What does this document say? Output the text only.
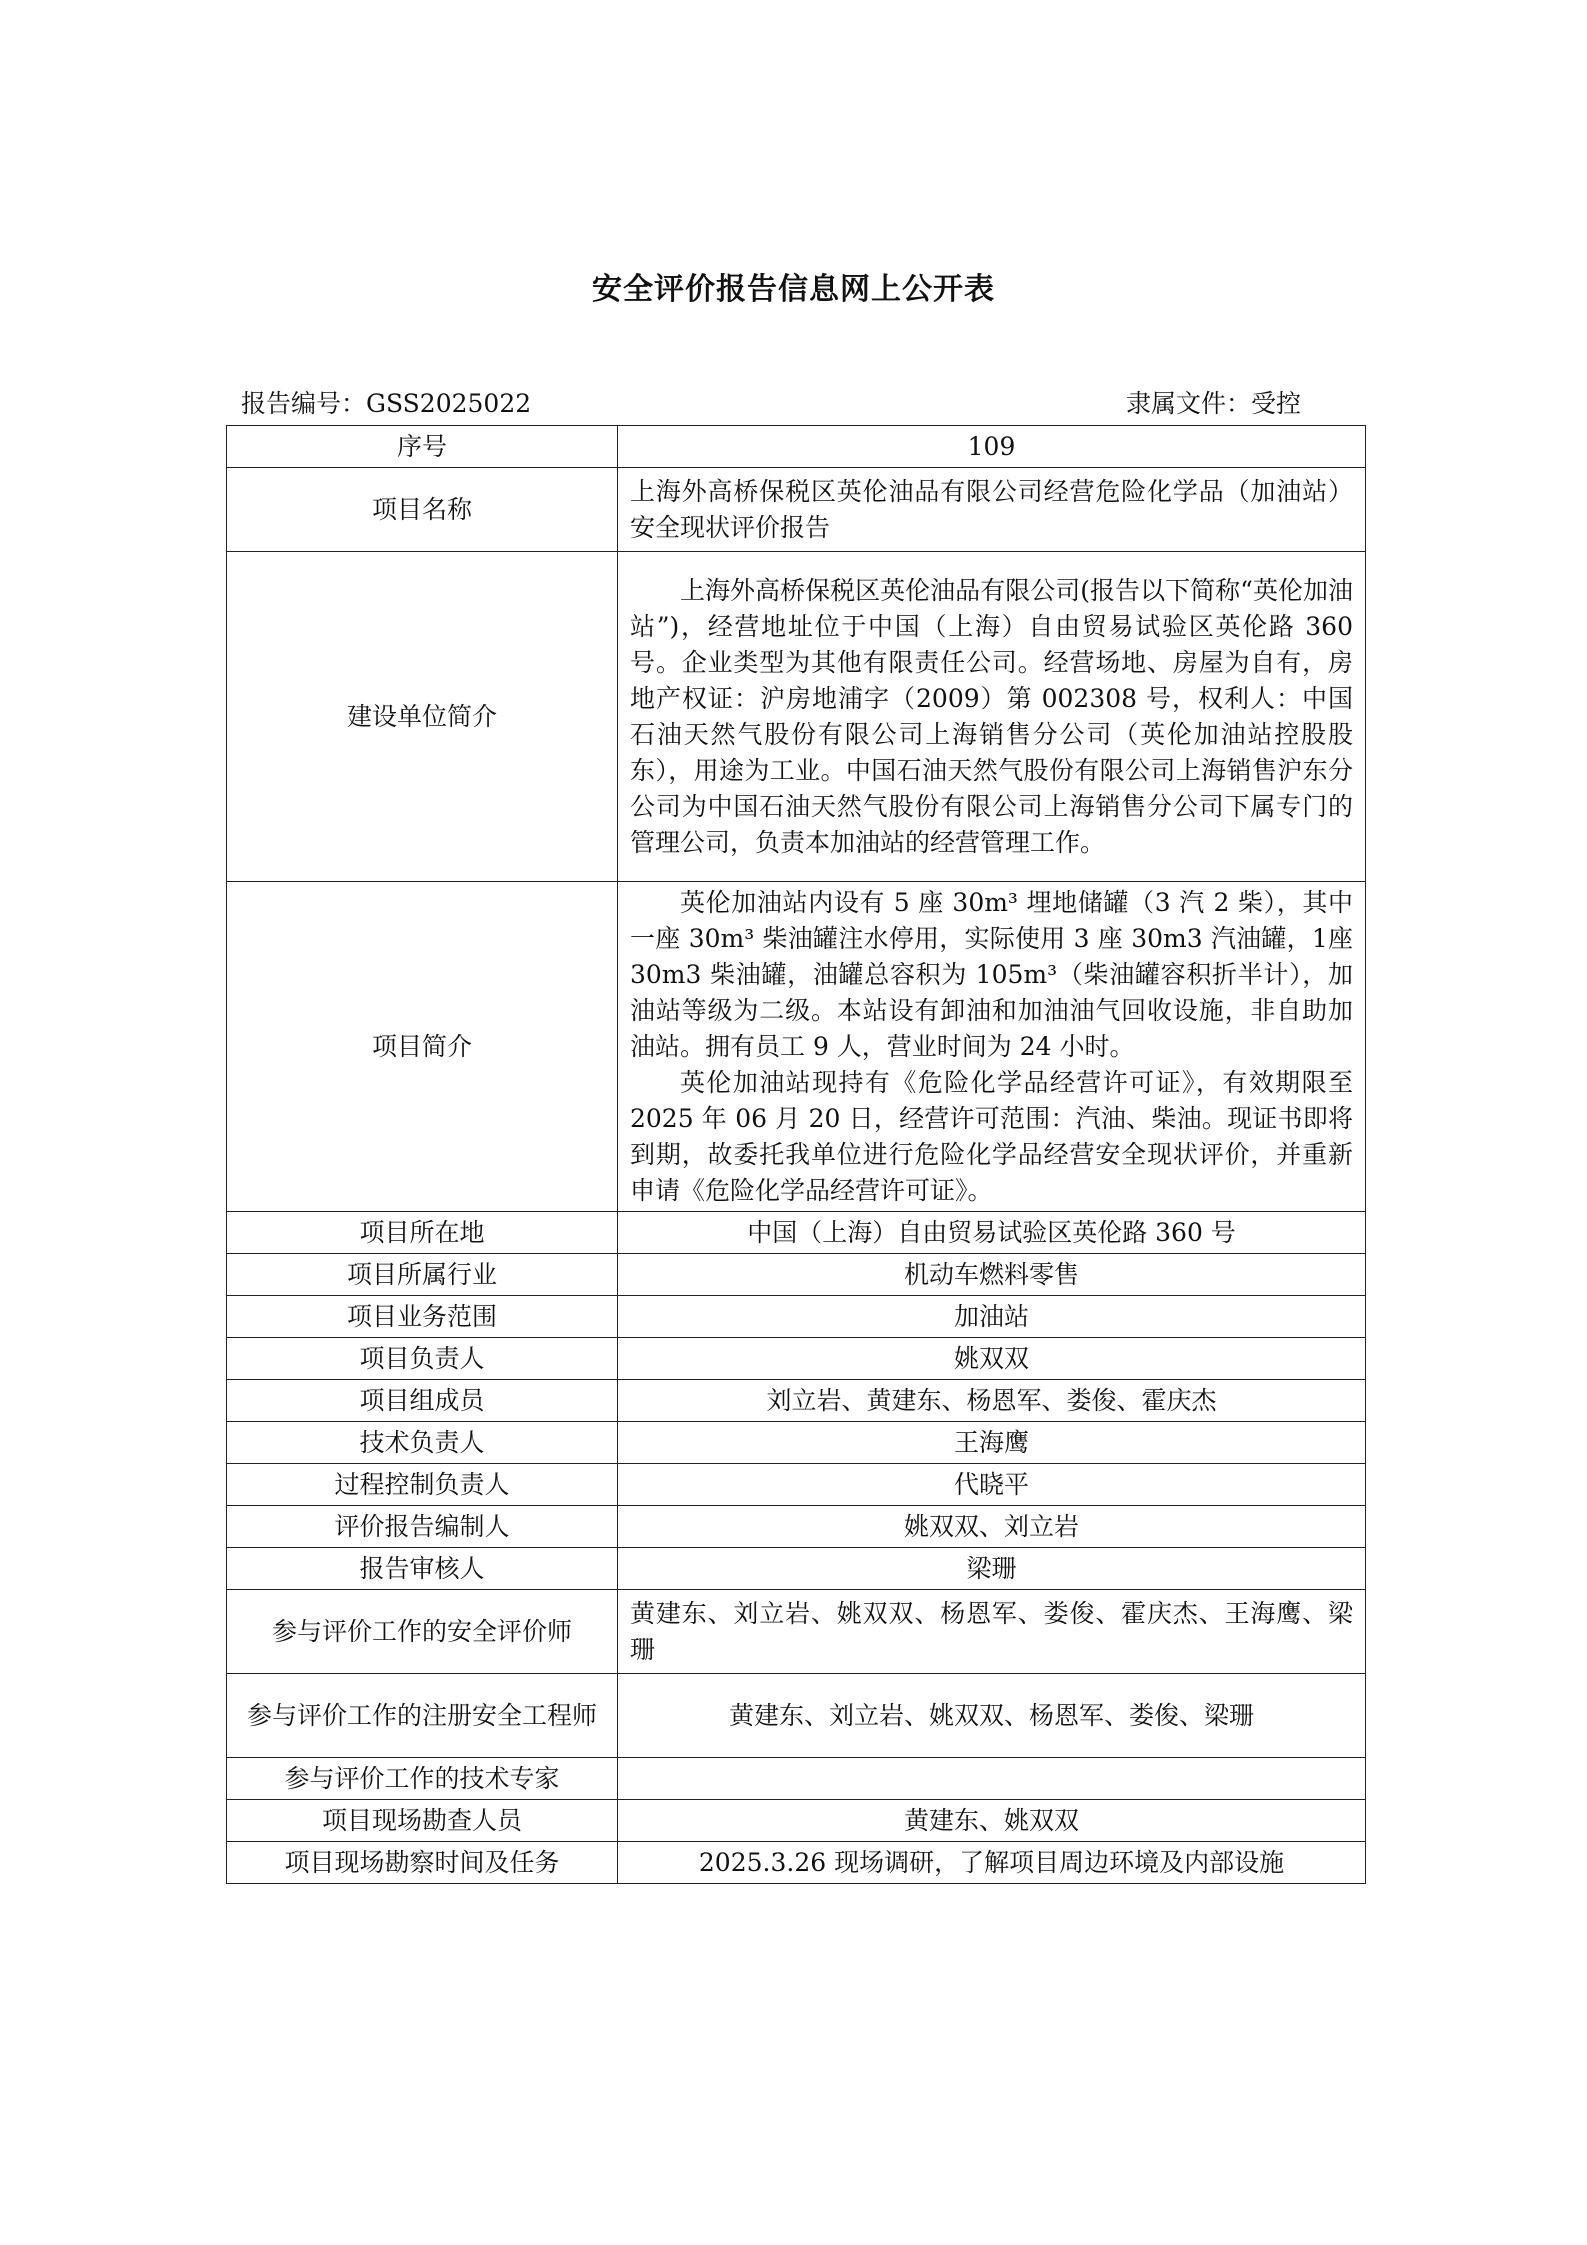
安全评价报告信息网上公开表
报告编号：GSS2025022	隶属文件：受控
序号	109
项目名称	上海外高桥保税区英伦油品有限公司经营危险化学品（加油站）安全现状评价报告
建设单位简介	上海外高桥保税区英伦油品有限公司(报告以下简称“英伦加油站”)，经营地址位于中国（上海）自由贸易试验区英伦路 360 号。企业类型为其他有限责任公司。经营场地、房屋为自有，房地产权证：沪房地浦字（2009）第 002308 号，权利人：中国石油天然气股份有限公司上海销售分公司（英伦加油站控股股东），用途为工业。中国石油天然气股份有限公司上海销售沪东分公司为中国石油天然气股份有限公司上海销售分公司下属专门的管理公司，负责本加油站的经营管理工作。

项目简介	英伦加油站内设有 5 座 30m³ 埋地储罐（3 汽 2 柴），其中一座 30m³ 柴油罐注水停用，实际使用 3 座 30m3 汽油罐，1座 30m3 柴油罐，油罐总容积为 105m³（柴油罐容积折半计），加油站等级为二级。本站设有卸油和加油油气回收设施，非自助加油站。拥有员工 9 人，营业时间为 24 小时。

英伦加油站现持有《危险化学品经营许可证》，有效期限至 2025 年 06 月 20 日，经营许可范围：汽油、柴油。现证书即将到期，故委托我单位进行危险化学品经营安全现状评价，并重新申请《危险化学品经营许可证》。

项目所在地	中国（上海）自由贸易试验区英伦路 360 号
项目所属行业	机动车燃料零售
项目业务范围	加油站
项目负责人	姚双双
项目组成员	刘立岩、黄建东、杨恩军、娄俊、霍庆杰
技术负责人	王海鹰
过程控制负责人	代晓平
评价报告编制人	姚双双、刘立岩
报告审核人	梁珊
参与评价工作的安全评价师	黄建东、刘立岩、姚双双、杨恩军、娄俊、霍庆杰、王海鹰、梁珊
参与评价工作的注册安全工程师	黄建东、刘立岩、姚双双、杨恩军、娄俊、梁珊
参与评价工作的技术专家	
项目现场勘查人员	黄建东、姚双双
项目现场勘察时间及任务	2025.3.26 现场调研，了解项目周边环境及内部设施
